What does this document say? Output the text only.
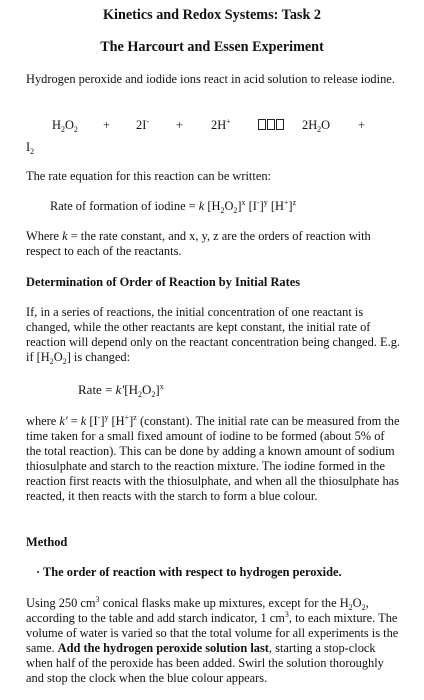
Kinetics and Redox Systems: Task 2
The Harcourt and Essen Experiment
Hydrogen peroxide and iodide ions react in acid solution to release iodine.
$H_2O_2 + 2I^- + 2H^+$	$2H_2O$ +
$I_2$
The rate equation for this reaction can be written:
Rate of formation of iodine = k $[H_2O_2]^x$ $[I^-]^y$ $[H^+]^z$
Where k = the rate constant, and x, y, z are the orders of reaction with respect to each of the reactants.
Determination of Order of Reaction by Initial Rates
If, in a series of reactions, the initial concentration of one reactant is changed, while the other reactants are kept constant, the initial rate of reaction will depend only on the reactant concentration being changed. E.g. if $[H_2O_2]$ is changed:
Rate = $k'[H_2O_2]^x$
where k′ = k $[I^-]^y$ $[H^+]^z$ (constant). The initial rate can be measured from the time taken for a small fixed amount of iodine to be formed (about 5% of the total reaction). This can be done by adding a known amount of sodium thiosulphate and starch to the reaction mixture. The iodine formed in the reaction first reacts with the thiosulphate, and when all the thiosulphate has reacted, it then reacts with the starch to form a blue colour.
Method
· The order of reaction with respect to hydrogen peroxide.
Using 250 $cm^3$ conical flasks make up mixtures, except for the $H_2O_2$, according to the table and add starch indicator, 1 $cm^3$, to each mixture. The volume of water is varied so that the total volume for all experiments is the same. Add the hydrogen peroxide solution last, starting a stop-clock when half of the peroxide has been added. Swirl the solution thoroughly and stop the clock when the blue colour appears.
